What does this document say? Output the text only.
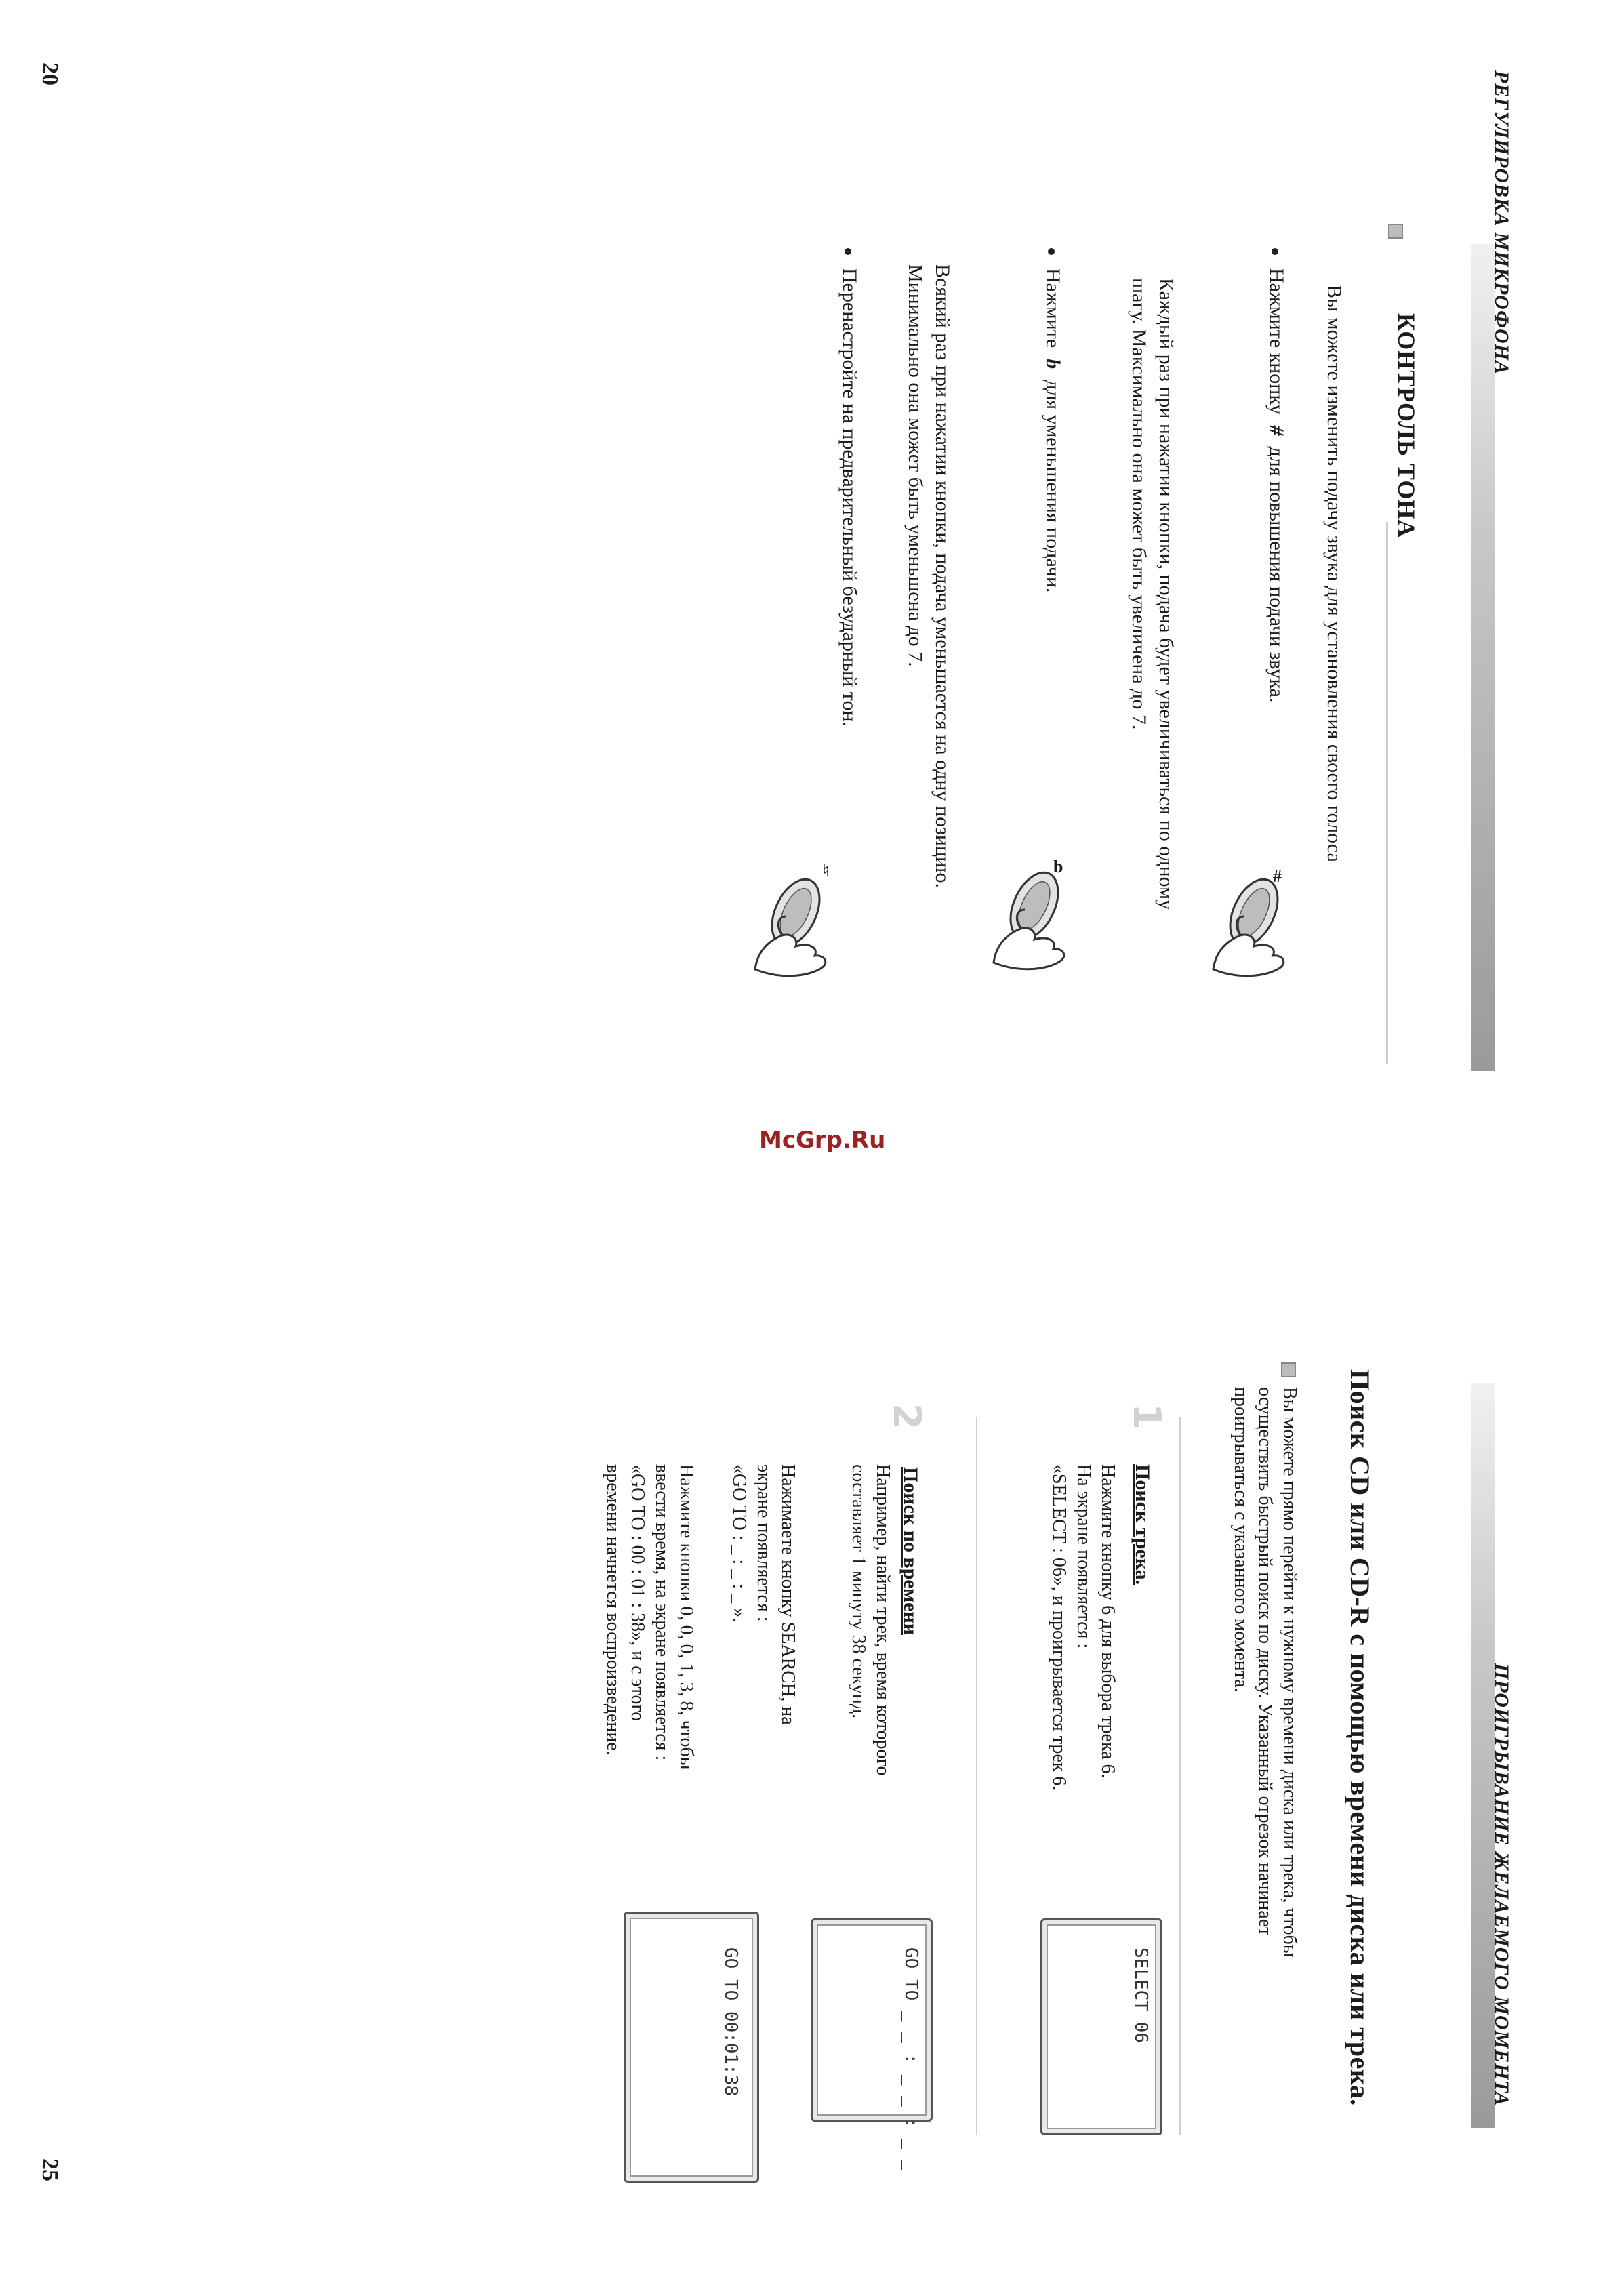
20	РЕГУЛИРОВКА МИКРОФОНА
КОНТРОЛЬ ТОНА
Вы можете изменить подачу звука для установления своего голоса
Нажмите кнопку#для повышения подачи звука.
Каждый раз при нажатии кнопки, подача будет увеличиваться по одному
шагу. Максимально она может быть увеличена до 7.
Нажмитеbдля уменьшения подачи.
Всякий раз при нажатии кнопки, подача уменьшается на одну позицию.
Минимально она может быть уменьшена до 7.
Перенастройте на предварительный безударный тон.
#
b
♮
McGrp.Ru
25
ПРОИГРЫВАНИЕ ЖЕЛАЕМОГО МОМЕНТА
Поиск CD или CD-R с помощью времени диска или трека.
Вы можете прямо перейти к нужному времени диска или трека, чтобы
осуществить быстрый поиск по диску. Указанный отрезок начинает
проигрываться с указанного момента.
1
Поиск трека.
Нажмите кнопку 6 для выбора трека 6.
На экране появляется :
«SELECT : 06», и проигрывается трек 6.
SELECT 06
2
Поиск по времени
Например, найти трек, время которого
составляет 1 минуту 38 секунд.
Нажимаете кнопку SEARCH, на
экране появляется :
«GO TO : _ : _ : _ ».
Нажмите кнопки 0, 0, 0, 1, 3, 8, чтобы
ввести время, на экране появляется :
«GO TO : 00 : 01 : 38», и с этого
времени начнется воспроизведение.
GO TO _ _ : _ _ : _ _
GO TO 00:01:38
